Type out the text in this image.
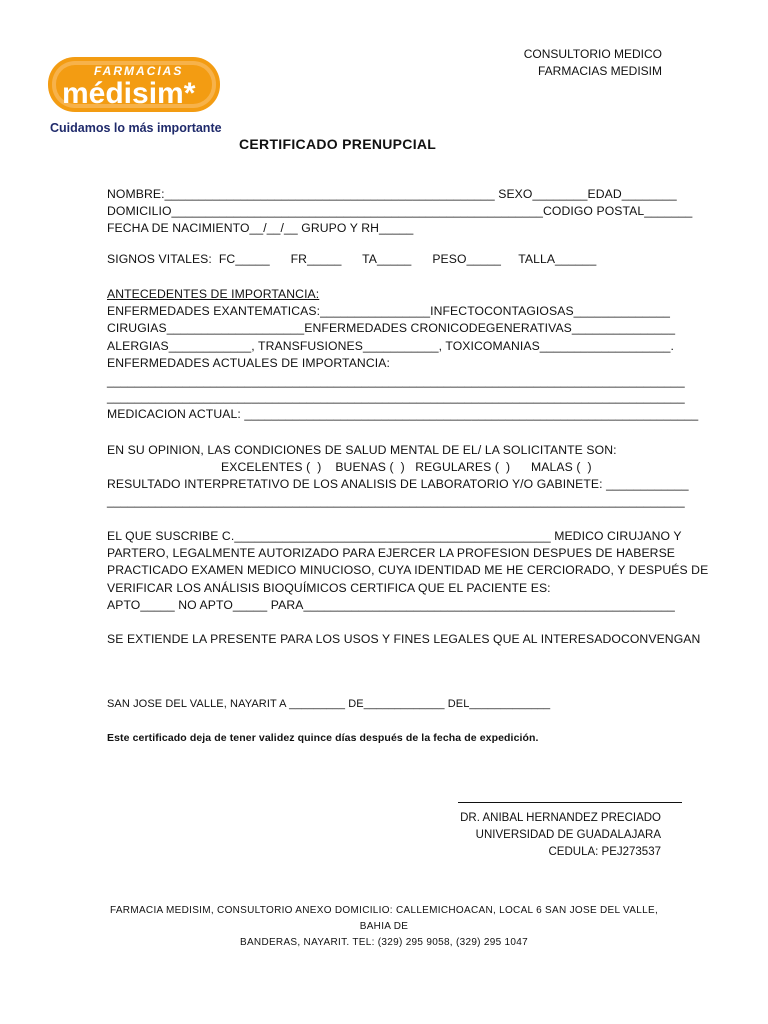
FARMACIAS
médisim*
Cuidamos lo más importante
CONSULTORIO MEDICO
FARMACIAS MEDISIM
CERTIFICADO PRENUPCIAL
NOMBRE:________________________________________________ SEXO________EDAD________
DOMICILIO______________________________________________________CODIGO POSTAL_______
FECHA DE NACIMIENTO__/__/__ GRUPO Y RH_____
SIGNOS VITALES:  FC_____      FR_____      TA_____      PESO_____     TALLA______
ANTECEDENTES DE IMPORTANCIA:
ENFERMEDADES EXANTEMATICAS:________________INFECTOCONTAGIOSAS______________
CIRUGIAS____________________ENFERMEDADES CRONICODEGENERATIVAS_______________
ALERGIAS____________, TRANSFUSIONES___________, TOXICOMANIAS___________________.
ENFERMEDADES ACTUALES DE IMPORTANCIA:
____________________________________________________________________________________
____________________________________________________________________________________
MEDICACION ACTUAL: __________________________________________________________________
EN SU OPINION, LAS CONDICIONES DE SALUD MENTAL DE EL/ LA SOLICITANTE SON:
EXCELENTES (  )    BUENAS (  )   REGULARES (  )      MALAS (  )
RESULTADO INTERPRETATIVO DE LOS ANALISIS DE LABORATORIO Y/O GABINETE: ____________
____________________________________________________________________________________
EL QUE SUSCRIBE C.______________________________________________ MEDICO CIRUJANO Y
PARTERO, LEGALMENTE AUTORIZADO PARA EJERCER LA PROFESION DESPUES DE HABERSE
PRACTICADO EXAMEN MEDICO MINUCIOSO, CUYA IDENTIDAD ME HE CERCIORADO, Y DESPUÉS DE
VERIFICAR LOS ANÁLISIS BIOQUÍMICOS CERTIFICA QUE EL PACIENTE ES:
APTO_____ NO APTO_____ PARA______________________________________________________
SE EXTIENDE LA PRESENTE PARA LOS USOS Y FINES LEGALES QUE AL INTERESADOCONVENGAN
SAN JOSE DEL VALLE, NAYARIT A _________ DE_____________ DEL_____________
Este certificado deja de tener validez quince días después de la fecha de expedición.
DR. ANIBAL HERNANDEZ PRECIADO
UNIVERSIDAD DE GUADALAJARA
CEDULA: PEJ273537
FARMACIA MEDISIM, CONSULTORIO ANEXO DOMICILIO: CALLEMICHOACAN, LOCAL 6 SAN JOSE DEL VALLE, BAHIA DE
BANDERAS, NAYARIT. TEL: (329) 295 9058, (329) 295 1047
